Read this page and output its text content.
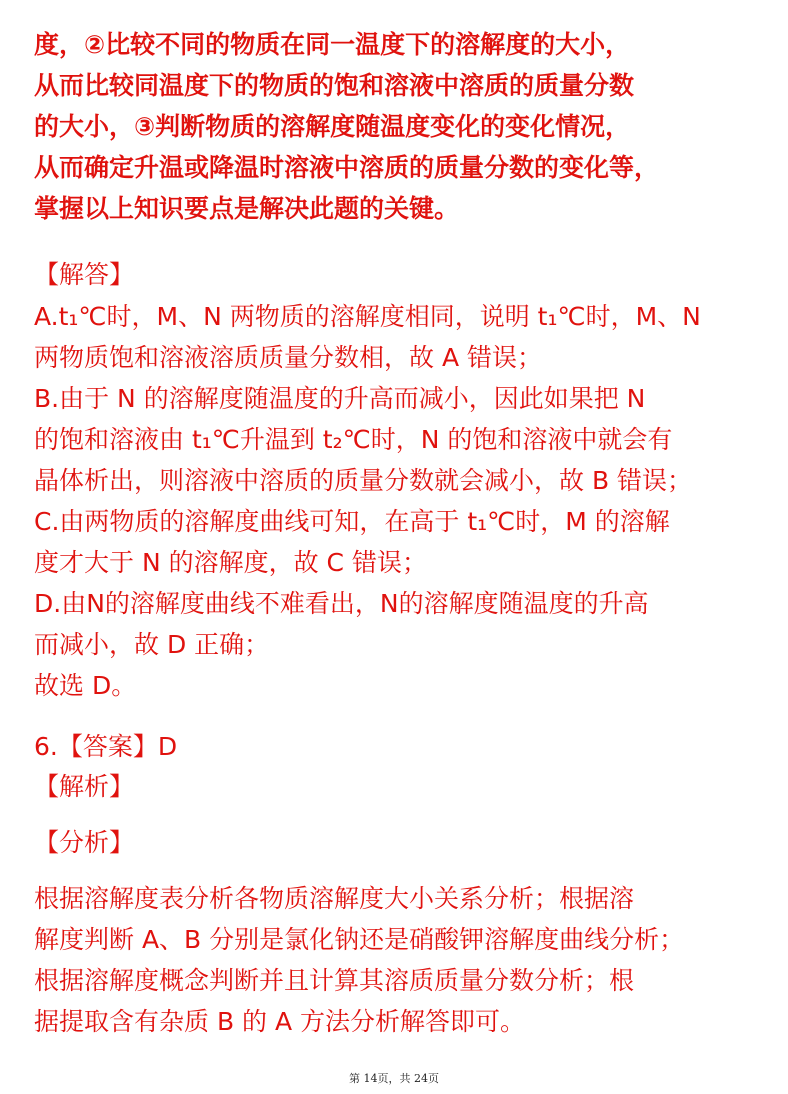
度，②比较不同的物质在同一温度下的溶解度的大小，
从而比较同温度下的物质的饱和溶液中溶质的质量分数
的大小，③判断物质的溶解度随温度变化的变化情况，
从而确定升温或降温时溶液中溶质的质量分数的变化等，
掌握以上知识要点是解决此题的关键。
【解答】
A.t₁℃时，M、N 两物质的溶解度相同，说明 t₁℃时，M、N
两物质饱和溶液溶质质量分数相，故 A 错误；
B.由于 N 的溶解度随温度的升高而减小，因此如果把 N
的饱和溶液由 t₁℃升温到 t₂℃时，N 的饱和溶液中就会有
晶体析出，则溶液中溶质的质量分数就会减小，故 B 错误；
C.由两物质的溶解度曲线可知，在高于 t₁℃时，M 的溶解
度才大于 N 的溶解度，故 C 错误；
D.由N的溶解度曲线不难看出，N的溶解度随温度的升高
而减小，故 D 正确；
故选 D。
6.【答案】D
【解析】
【分析】
根据溶解度表分析各物质溶解度大小关系分析；根据溶
解度判断 A、B 分别是氯化钠还是硝酸钾溶解度曲线分析；
根据溶解度概念判断并且计算其溶质质量分数分析；根
据提取含有杂质 B 的 A 方法分析解答即可。
第 14页，共 24页
